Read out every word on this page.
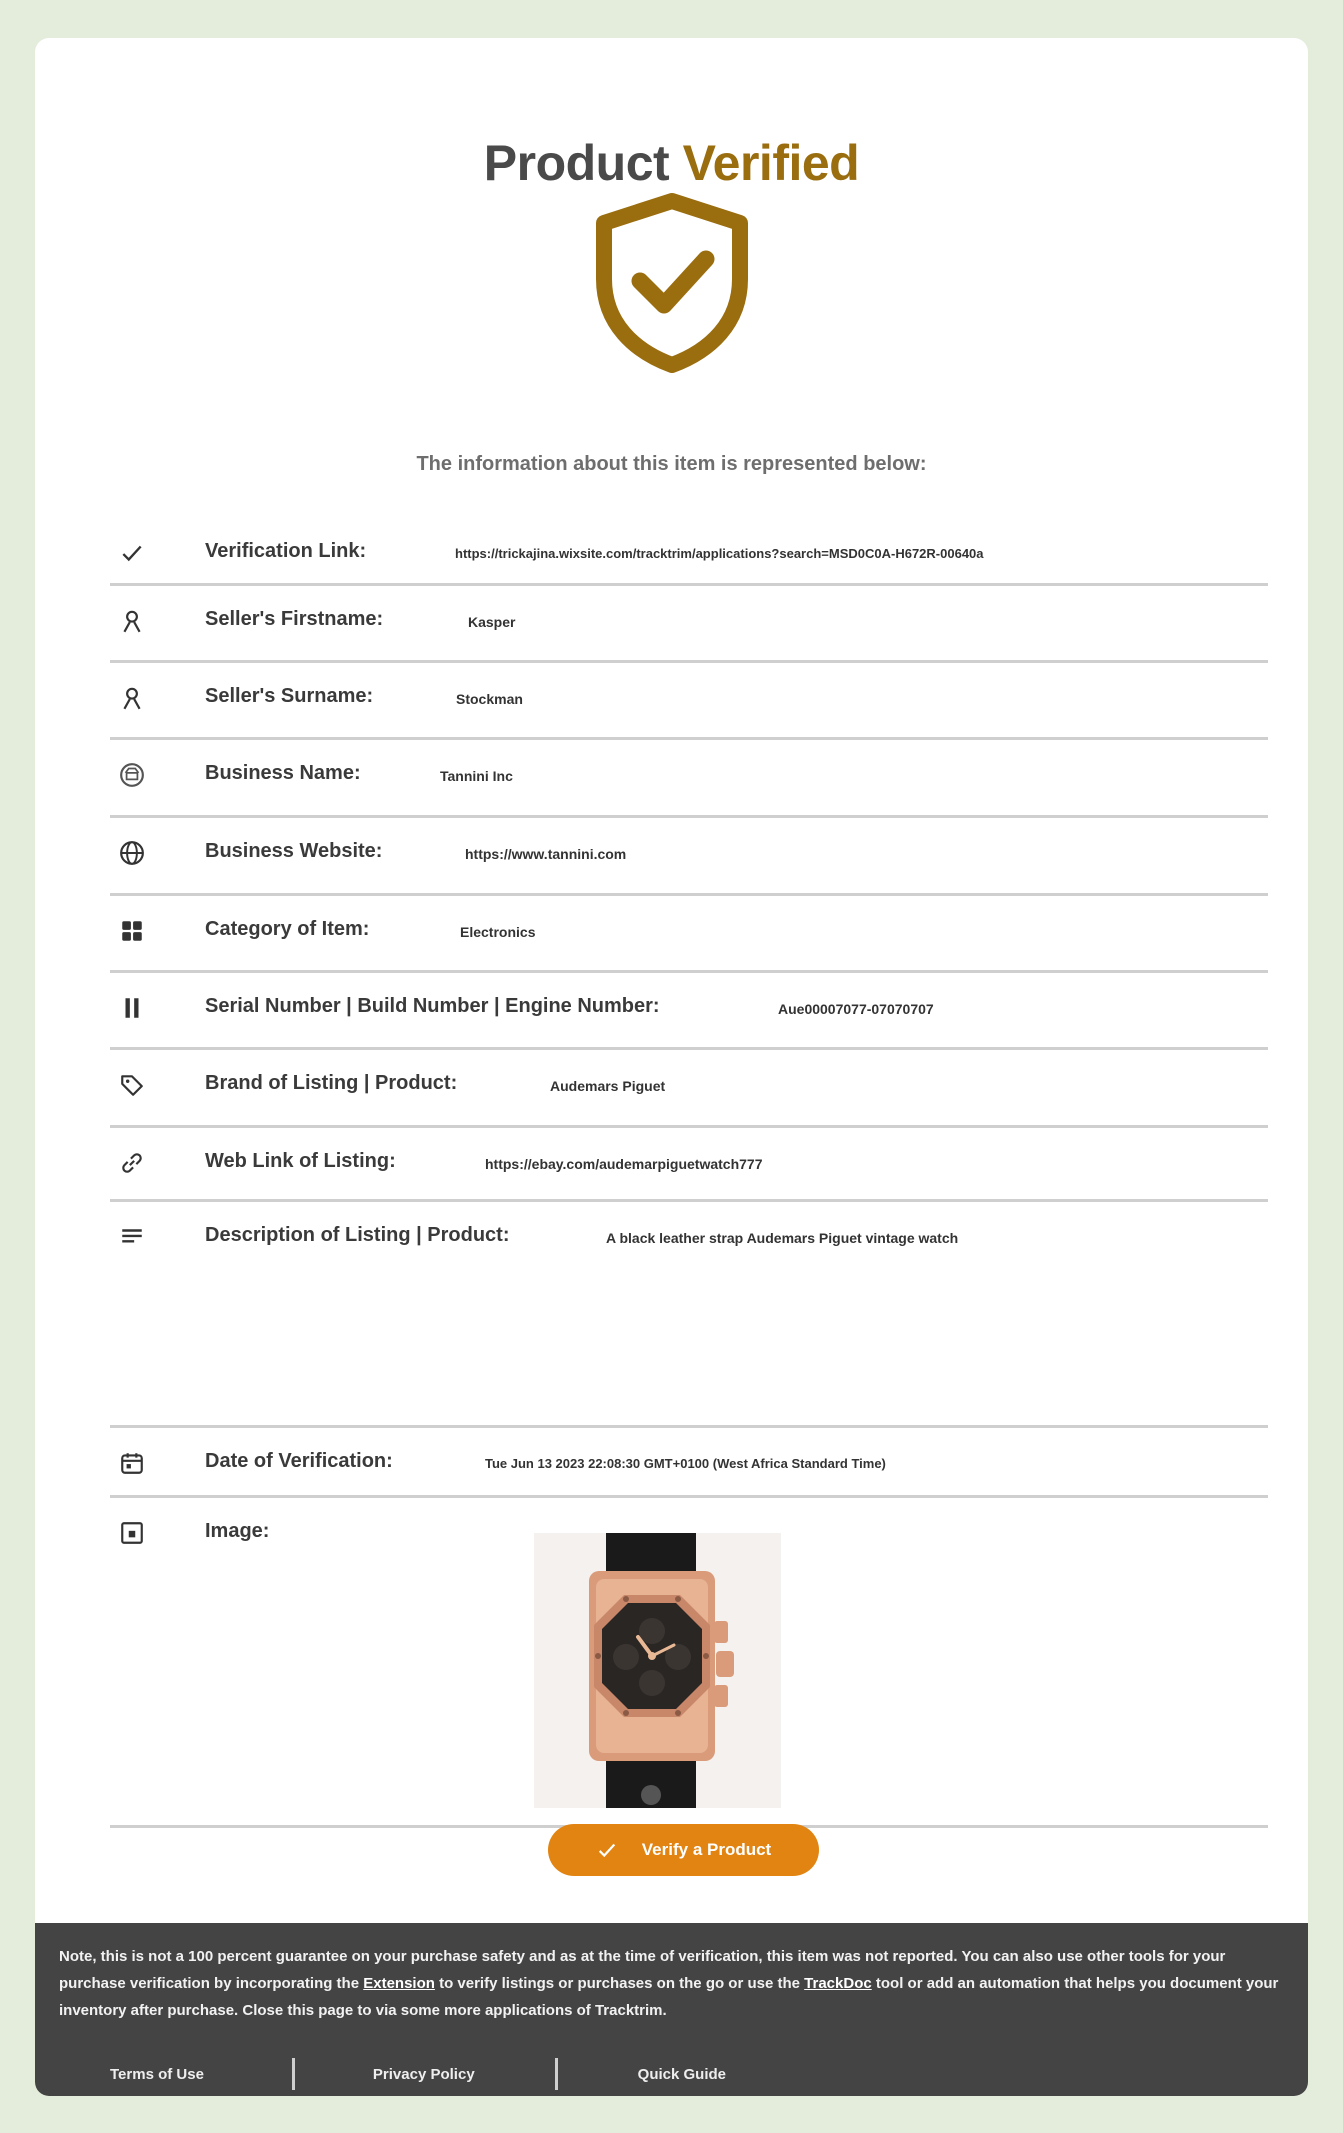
Product Verified

The information about this item is represented below:

Verification Link:	https://trickajina.wixsite.com/tracktrim/applications?search=MSD0C0A-H672R-00640a
Seller's Firstname:	Kasper
Seller's Surname:	Stockman
Business Name:	Tannini Inc
Business Website:	https://www.tannini.com
Category of Item:	Electronics
Serial Number | Build Number | Engine Number:	Aue00007077-07070707
Brand of Listing | Product:	Audemars Piguet
Web Link of Listing:	https://ebay.com/audemarpiguetwatch777
Description of Listing | Product:	A black leather strap Audemars Piguet vintage watch
Date of Verification:	Tue Jun 13 2023 22:08:30 GMT+0100 (West Africa Standard Time)
Image:
Verify a Product

Note, this is not a 100 percent guarantee on your purchase safety and as at the time of verification, this item was not reported. You can also use other tools for your purchase verification by incorporating the Extension to verify listings or purchases on the go or use the TrackDoc tool or add an automation that helps you document your inventory after purchase. Close this page to via some more applications of Tracktrim.

Terms of Use	Privacy Policy	Quick Guide
